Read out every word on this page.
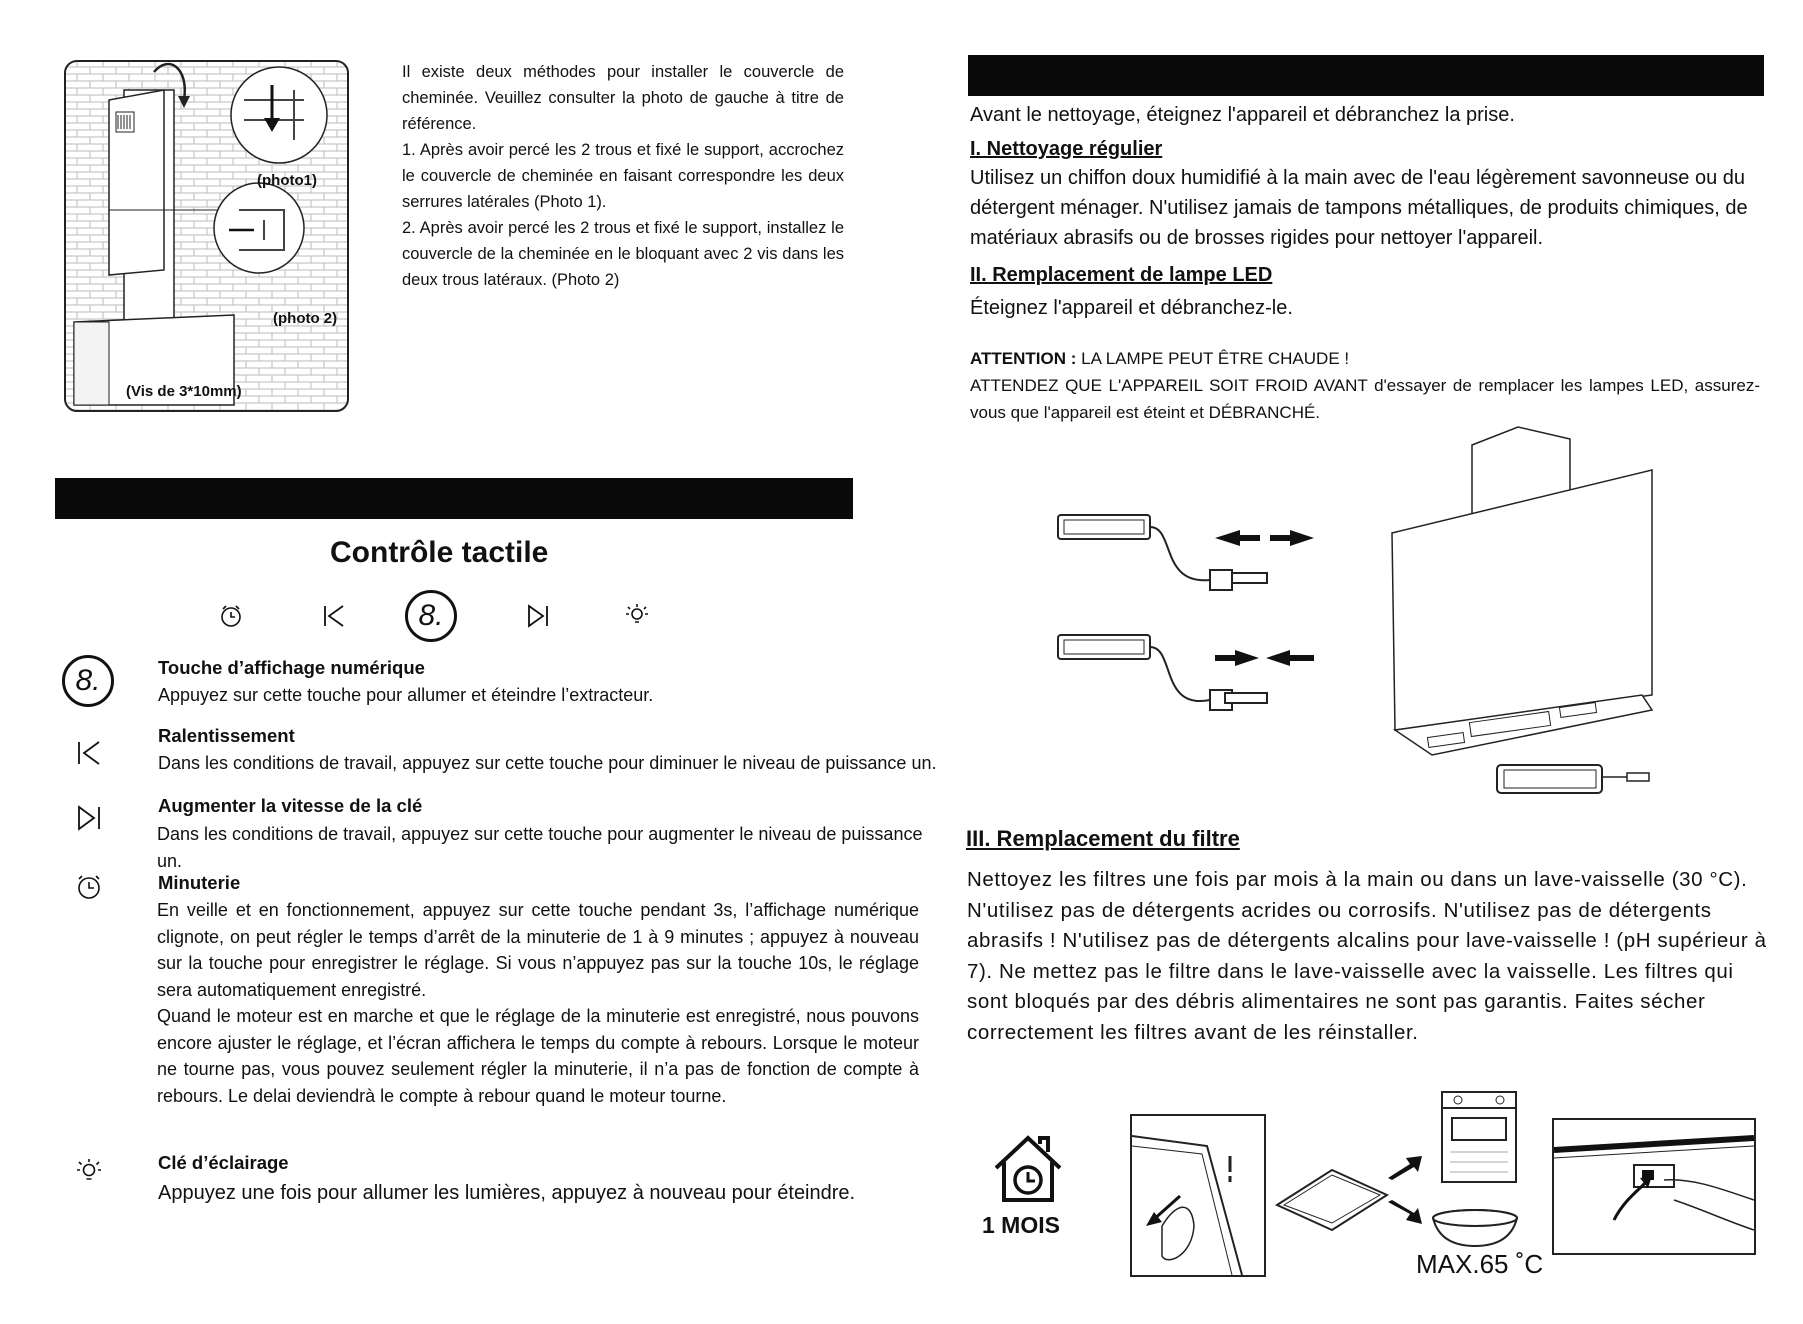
(photo1)
(photo 2)
(Vis de 3*10mm)
Il existe deux méthodes pour installer le couvercle de cheminée. Veuillez consulter la photo de gauche à titre de référence.
1. Après avoir percé les 2 trous et fixé le support, accrochez le couvercle de cheminée en faisant correspondre les deux serrures latérales (Photo 1).
2. Après avoir percé les 2 trous et fixé le support, installez le couvercle de la cheminée en le bloquant avec 2 vis dans les deux trous latéraux. (Photo 2)
Contrôle tactile
8.
8.	Touche d’affichage numérique
Appuyez sur cette touche pour allumer et éteindre l’extracteur.
Ralentissement
Dans les conditions de travail, appuyez sur cette touche pour diminuer le niveau de puissance un.
Augmenter la vitesse de la clé
Dans les conditions de travail, appuyez sur cette touche pour augmenter le niveau de puissance un.
Minuterie
En veille et en fonctionnement, appuyez sur cette touche pendant 3s, l’affichage numérique clignote, on peut régler le temps d’arrêt de la minuterie de 1 à 9 minutes ; appuyez à nouveau sur la touche pour enregistrer le réglage. Si vous n’appuyez pas sur la touche 10s, le réglage sera automatiquement enregistré.
Quand le moteur est en marche et que le réglage de la minuterie est enregistré, nous pouvons encore ajuster le réglage, et l’écran affichera le temps du compte à rebours. Lorsque le moteur ne tourne pas, vous pouvez seulement régler la minuterie, il n’a pas de fonction de compte à rebours. Le delai deviendrà le compte à rebour quand le moteur tourne.
Clé d’éclairage
Appuyez une fois pour allumer les lumières, appuyez à nouveau pour éteindre.
Avant le nettoyage, éteignez l'appareil et débranchez la prise.
I. Nettoyage régulier
Utilisez un chiffon doux humidifié à la main avec de l'eau légèrement savonneuse ou du détergent ménager. N'utilisez jamais de tampons métalliques, de produits chimiques, de matériaux abrasifs ou de brosses rigides pour nettoyer l'appareil.
II. Remplacement de lampe LED
Éteignez l'appareil et débranchez-le.
ATTENTION : LA LAMPE PEUT ÊTRE CHAUDE !
ATTENDEZ QUE L'APPAREIL SOIT FROID AVANT d'essayer de remplacer les lampes LED, assurez-vous que l'appareil est éteint et DÉBRANCHÉ.
III. Remplacement du filtre
Nettoyez les filtres une fois par mois à la main ou dans un lave-vaisselle (30 °C). N'utilisez pas de détergents acrides ou corrosifs. N'utilisez pas de détergents abrasifs ! N'utilisez pas de détergents alcalins pour lave-vaisselle ! (pH supérieur à 7). Ne mettez pas le filtre dans le lave-vaisselle avec la vaisselle. Les filtres qui sont bloqués par des débris alimentaires ne sont pas garantis. Faites sécher correctement les filtres avant de les réinstaller.
1 MOIS
MAX.65 ˚C
